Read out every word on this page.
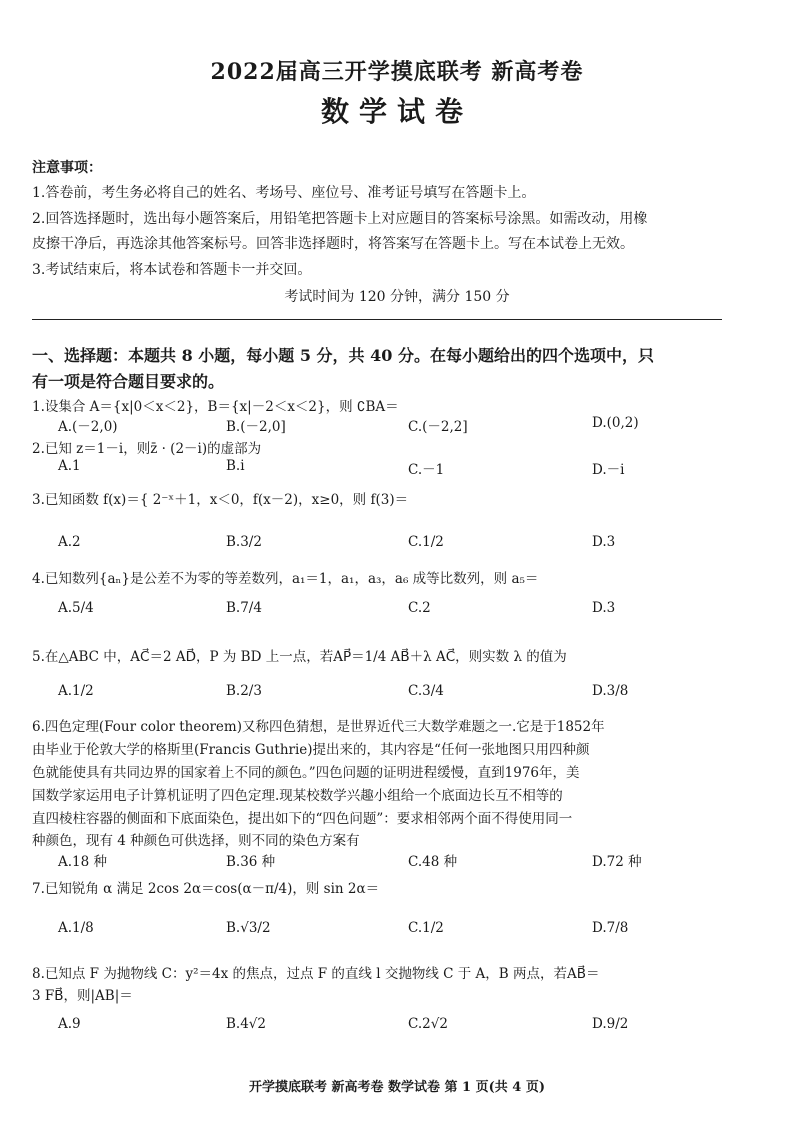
2022届高三开学摸底联考 新高考卷
数学试卷
注意事项：
1.答卷前，考生务必将自己的姓名、考场号、座位号、准考证号填写在答题卡上。
2.回答选择题时，选出每小题答案后，用铅笔把答题卡上对应题目的答案标号涂黑。如需改动，用橡
皮擦干净后，再选涂其他答案标号。回答非选择题时，将答案写在答题卡上。写在本试卷上无效。
3.考试结束后，将本试卷和答题卡一并交回。
考试时间为 120 分钟，满分 150 分
一、选择题：本题共 8 小题，每小题 5 分，共 40 分。在每小题给出的四个选项中，只
有一项是符合题目要求的。
1.设集合 A＝{x|0＜x＜2}，B＝{x|－2＜x＜2}，则 ∁BA＝
A.(－2,0)	B.(－2,0]	C.(－2,2]	D.(0,2)
2.已知 z＝1－i，则z̄ · (2－i)的虚部为
A.1	B.i	C.－1	D.－i
3.已知函数 f(x)＝{ 2⁻ˣ＋1，x＜0，f(x－2)，x≥0，则 f(3)＝
A.2	B.3/2	C.1/2	D.3
4.已知数列{aₙ}是公差不为零的等差数列，a₁＝1，a₁，a₃，a₆ 成等比数列，则 a₅＝
A.5/4	B.7/4	C.2	D.3
5.在△ABC 中，AC⃗＝2 AD⃗，P 为 BD 上一点，若AP⃗＝1/4 AB⃗＋λ AC⃗，则实数 λ 的值为
A.1/2	B.2/3	C.3/4	D.3/8
6.四色定理(Four color theorem)又称四色猜想，是世界近代三大数学难题之一.它是于1852年
由毕业于伦敦大学的格斯里(Francis Guthrie)提出来的，其内容是“任何一张地图只用四种颜
色就能使具有共同边界的国家着上不同的颜色。”四色问题的证明进程缓慢，直到1976年，美
国数学家运用电子计算机证明了四色定理.现某校数学兴趣小组给一个底面边长互不相等的
直四棱柱容器的侧面和下底面染色，提出如下的“四色问题”：要求相邻两个面不得使用同一
种颜色，现有 4 种颜色可供选择，则不同的染色方案有
A.18 种	B.36 种	C.48 种	D.72 种
7.已知锐角 α 满足 2cos 2α＝cos(α－π/4)，则 sin 2α＝
A.1/8	B.√3/2	C.1/2	D.7/8
8.已知点 F 为抛物线 C：y²＝4x 的焦点，过点 F 的直线 l 交抛物线 C 于 A，B 两点，若AB⃗＝
3 FB⃗，则|AB|＝
A.9	B.4√2	C.2√2	D.9/2
开学摸底联考 新高考卷 数学试卷 第 1 页(共 4 页)
